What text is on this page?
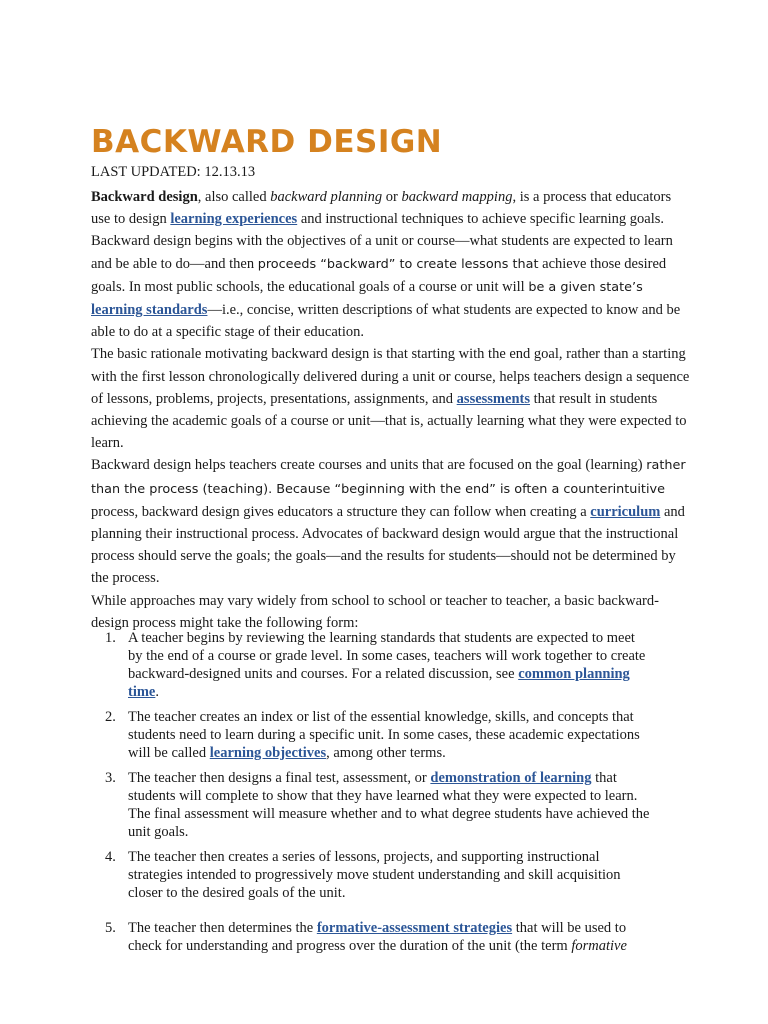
BACKWARD DESIGN
LAST UPDATED: 12.13.13

Backward design, also called backward planning or backward mapping, is a process that educators use to design learning experiences and instructional techniques to achieve specific learning goals. Backward design begins with the objectives of a unit or course—what students are expected to learn and be able to do—and then proceeds “backward” to create lessons that achieve those desired goals. In most public schools, the educational goals of a course or unit will be a given state’s learning standards—i.e., concise, written descriptions of what students are expected to know and be able to do at a specific stage of their education.

The basic rationale motivating backward design is that starting with the end goal, rather than a starting with the first lesson chronologically delivered during a unit or course, helps teachers design a sequence of lessons, problems, projects, presentations, assignments, and assessments that result in students achieving the academic goals of a course or unit—that is, actually learning what they were expected to learn.

Backward design helps teachers create courses and units that are focused on the goal (learning) rather than the process (teaching). Because “beginning with the end” is often a counterintuitive process, backward design gives educators a structure they can follow when creating a curriculum and planning their instructional process. Advocates of backward design would argue that the instructional process should serve the goals; the goals—and the results for students—should not be determined by the process.

While approaches may vary widely from school to school or teacher to teacher, a basic backward-design process might take the following form:

1. A teacher begins by reviewing the learning standards that students are expected to meet by the end of a course or grade level. In some cases, teachers will work together to create backward-designed units and courses. For a related discussion, see common planning time.
2. The teacher creates an index or list of the essential knowledge, skills, and concepts that students need to learn during a specific unit. In some cases, these academic expectations will be called learning objectives, among other terms.
3. The teacher then designs a final test, assessment, or demonstration of learning that students will complete to show that they have learned what they were expected to learn. The final assessment will measure whether and to what degree students have achieved the unit goals.
4. The teacher then creates a series of lessons, projects, and supporting instructional strategies intended to progressively move student understanding and skill acquisition closer to the desired goals of the unit.
5. The teacher then determines the formative-assessment strategies that will be used to check for understanding and progress over the duration of the unit (the term formative
